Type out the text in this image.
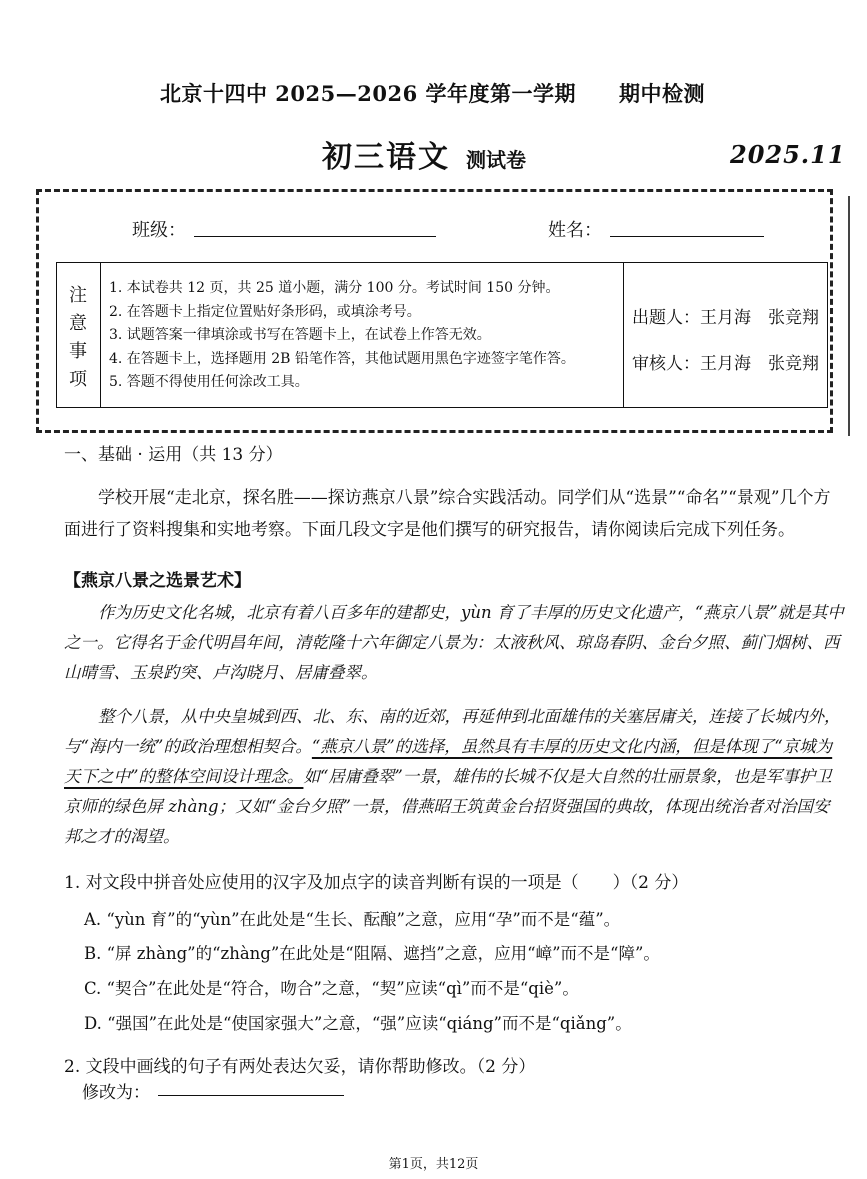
北京十四中 2025—2026 学年度第一学期　　期中检测
初三语文 测试卷	2025.11
班级：	姓名：
注
意
事
项
1. 本试卷共 12 页，共 25 道小题，满分 100 分。考试时间 150 分钟。
2. 在答题卡上指定位置贴好条形码，或填涂考号。
3. 试题答案一律填涂或书写在答题卡上，在试卷上作答无效。
4. 在答题卡上，选择题用 2B 铅笔作答，其他试题用黑色字迹签字笔作答。
5. 答题不得使用任何涂改工具。
出题人：王月海　张竞翔
审核人：王月海　张竞翔
一、基础 · 运用（共 13 分）

学校开展“走北京，探名胜——探访燕京八景”综合实践活动。同学们从“选景”“命名”“景观”几个方面进行了资料搜集和实地考察。下面几段文字是他们撰写的研究报告，请你阅读后完成下列任务。

【燕京八景之选景艺术】

作为历史文化名城，北京有着八百多年的建都史，yùn 育了丰厚的历史文化遗产，“燕京八景”就是其中之一。它得名于金代明昌年间，清乾隆十六年御定八景为：太液秋风、琼岛春阴、金台夕照、蓟门烟树、西山晴雪、玉泉趵突、卢沟晓月、居庸叠翠。

整个八景，从中央皇城到西、北、东、南的近郊，再延伸到北面雄伟的关塞居庸关，连接了长城内外，与“海内一统”的政治理想相契合。“燕京八景”的选择，虽然具有丰厚的历史文化内涵，但是体现了“京城为天下之中”的整体空间设计理念。如“居庸叠翠”一景，雄伟的长城不仅是大自然的壮丽景象，也是军事护卫京师的绿色屏 zhàng；又如“金台夕照”一景，借燕昭王筑黄金台招贤强国的典故，体现出统治者对治国安邦之才的渴望。

1. 对文段中拼音处应使用的汉字及加点字的读音判断有误的一项是（　　）（2 分）
A. “yùn 育”的“yùn”在此处是“生长、酝酿”之意，应用“孕”而不是“蕴”。
B. “屏 zhàng”的“zhàng”在此处是“阻隔、遮挡”之意，应用“嶂”而不是“障”。
C. “契合”在此处是“符合，吻合”之意，“契”应读“qì”而不是“qiè”。
D. “强国”在此处是“使国家强大”之意，“强”应读“qiáng”而不是“qiǎng”。
2. 文段中画线的句子有两处表达欠妥，请你帮助修改。（2 分）
修改为：
第1页，共12页
